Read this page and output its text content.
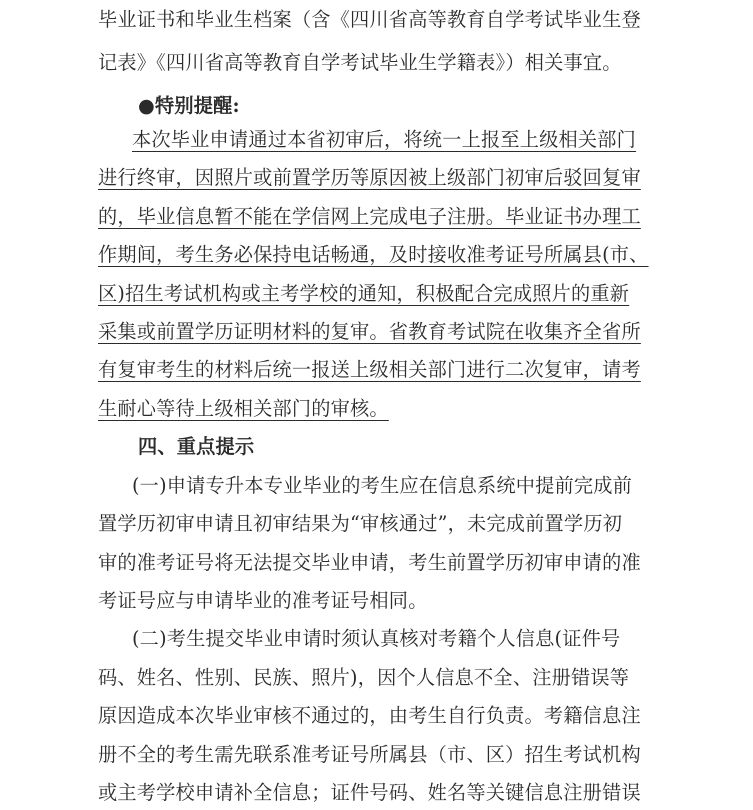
毕业证书和毕业生档案（含《四川省高等教育自学考试毕业生登
记表》《四川省高等教育自学考试毕业生学籍表》）相关事宜。
●特别提醒:
本次毕业申请通过本省初审后，将统一上报至上级相关部门
进行终审，因照片或前置学历等原因被上级部门初审后驳回复审
的，毕业信息暂不能在学信网上完成电子注册。毕业证书办理工
作期间，考生务必保持电话畅通，及时接收准考证号所属县(市、
区)招生考试机构或主考学校的通知，积极配合完成照片的重新
采集或前置学历证明材料的复审。省教育考试院在收集齐全省所
有复审考生的材料后统一报送上级相关部门进行二次复审，请考
生耐心等待上级相关部门的审核。
四、重点提示
(一)申请专升本专业毕业的考生应在信息系统中提前完成前
置学历初审申请且初审结果为“审核通过”，未完成前置学历初
审的准考证号将无法提交毕业申请，考生前置学历初审申请的准
考证号应与申请毕业的准考证号相同。
(二)考生提交毕业申请时须认真核对考籍个人信息(证件号
码、姓名、性别、民族、照片)，因个人信息不全、注册错误等
原因造成本次毕业审核不通过的，由考生自行负责。考籍信息注
册不全的考生需先联系准考证号所属县（市、区）招生考试机构
或主考学校申请补全信息；证件号码、姓名等关键信息注册错误
